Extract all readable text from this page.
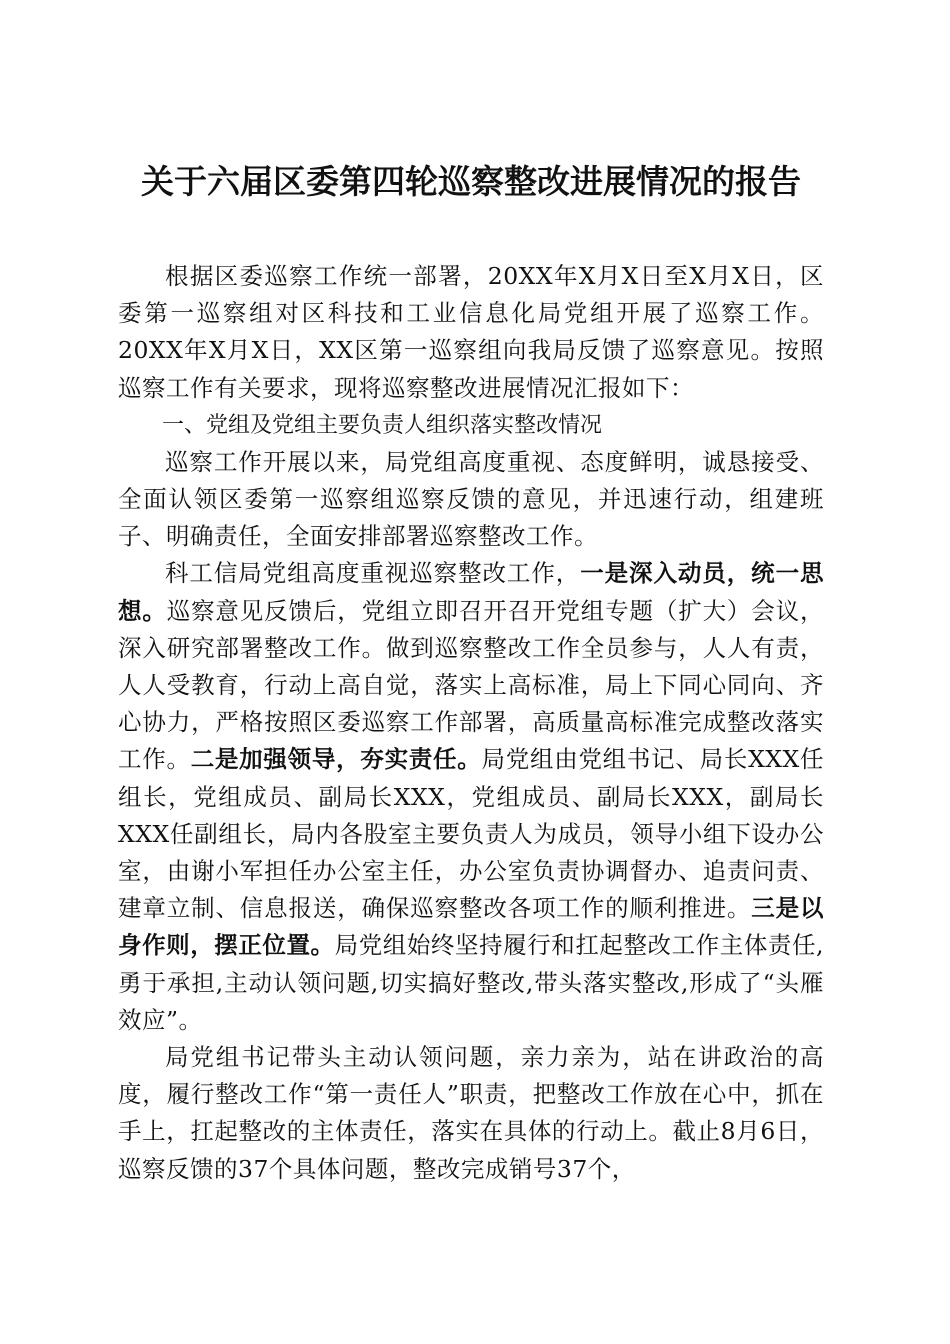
关于六届区委第四轮巡察整改进展情况的报告

根据区委巡察工作统一部署，20XX年X月X日至X月X日，区委第一巡察组对区科技和工业信息化局党组开展了巡察工作。20XX年X月X日，XX区第一巡察组向我局反馈了巡察意见。按照巡察工作有关要求，现将巡察整改进展情况汇报如下：

一、党组及党组主要负责人组织落实整改情况

巡察工作开展以来，局党组高度重视、态度鲜明，诚恳接受、全面认领区委第一巡察组巡察反馈的意见，并迅速行动，组建班子、明确责任，全面安排部署巡察整改工作。

科工信局党组高度重视巡察整改工作，一是深入动员，统一思想。巡察意见反馈后，党组立即召开召开党组专题（扩大）会议，深入研究部署整改工作。做到巡察整改工作全员参与，人人有责，人人受教育，行动上高自觉，落实上高标准，局上下同心同向、齐心协力，严格按照区委巡察工作部署，高质量高标准完成整改落实工作。二是加强领导，夯实责任。局党组由党组书记、局长XXX任组长，党组成员、副局长XXX，党组成员、副局长XXX，副局长XXX任副组长，局内各股室主要负责人为成员，领导小组下设办公室，由谢小军担任办公室主任，办公室负责协调督办、追责问责、建章立制、信息报送，确保巡察整改各项工作的顺利推进。三是以身作则，摆正位置。局党组始终坚持履行和扛起整改工作主体责任,勇于承担,主动认领问题,切实搞好整改,带头落实整改,形成了“头雁效应”。

局党组书记带头主动认领问题，亲力亲为，站在讲政治的高度，履行整改工作“第一责任人”职责，把整改工作放在心中，抓在手上，扛起整改的主体责任，落实在具体的行动上。截止8月6日，巡察反馈的37个具体问题，整改完成销号37个，
